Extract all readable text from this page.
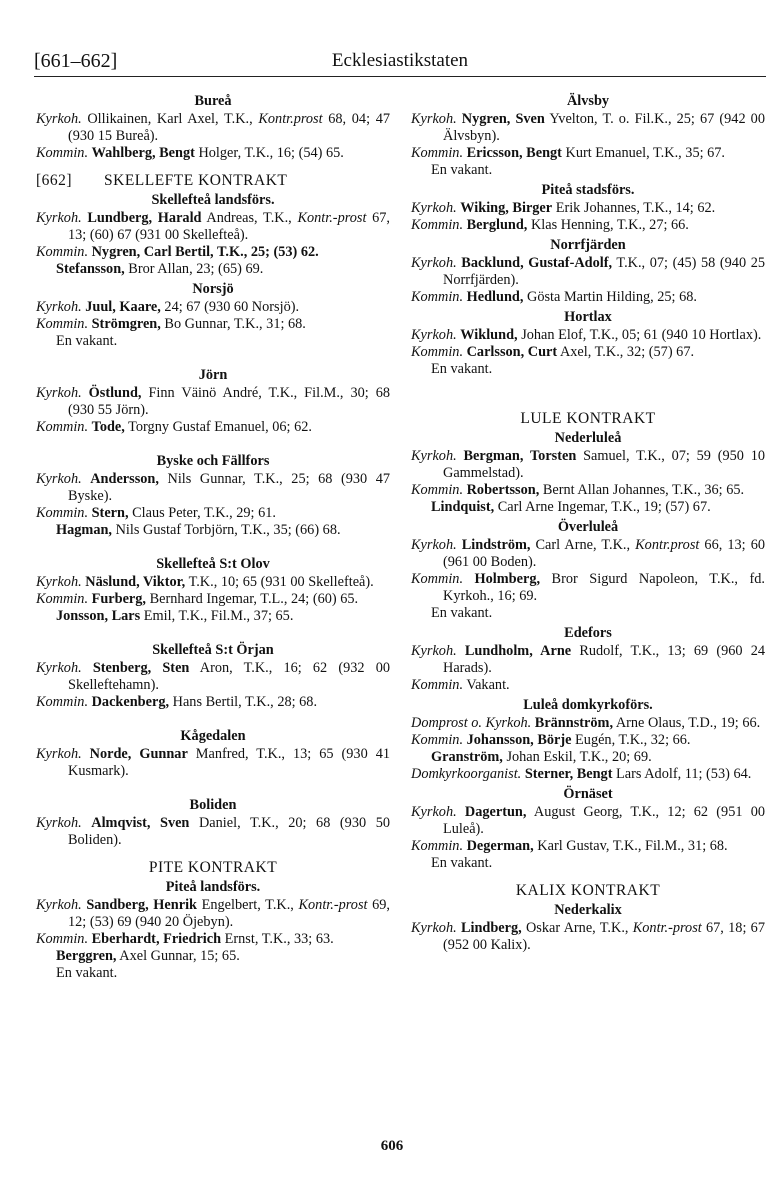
[661–662]	Ecklesiastikstaten
Bureå
Kyrkoh. Ollikainen, Karl Axel, T.K., Kontr.prost 68, 04; 47 (930 15 Bureå).
Kommin. Wahlberg, Bengt Holger, T.K., 16; (54) 65.
[662] SKELLEFTE KONTRAKT
Skellefteå landsförs.
Kyrkoh. Lundberg, Harald Andreas, T.K., Kontr.-prost 67, 13; (60) 67 (931 00 Skellefteå).
Kommin. Nygren, Carl Bertil, T.K., 25; (53) 62.
Stefansson, Bror Allan, 23; (65) 69.
Norsjö
Kyrkoh. Juul, Kaare, 24; 67 (930 60 Norsjö).
Kommin. Strömgren, Bo Gunnar, T.K., 31; 68.
En vakant.
Jörn
Kyrkoh. Östlund, Finn Väinö André, T.K., Fil.M., 30; 68 (930 55 Jörn).
Kommin. Tode, Torgny Gustaf Emanuel, 06; 62.
Byske och Fällfors
Kyrkoh. Andersson, Nils Gunnar, T.K., 25; 68 (930 47 Byske).
Kommin. Stern, Claus Peter, T.K., 29; 61.
Hagman, Nils Gustaf Torbjörn, T.K., 35; (66) 68.
Skellefteå S:t Olov
Kyrkoh. Näslund, Viktor, T.K., 10; 65 (931 00 Skellefteå).
Kommin. Furberg, Bernhard Ingemar, T.L., 24; (60) 65.
Jonsson, Lars Emil, T.K., Fil.M., 37; 65.
Skellefteå S:t Örjan
Kyrkoh. Stenberg, Sten Aron, T.K., 16; 62 (932 00 Skelleftehamn).
Kommin. Dackenberg, Hans Bertil, T.K., 28; 68.
Kågedalen
Kyrkoh. Norde, Gunnar Manfred, T.K., 13; 65 (930 41 Kusmark).
Boliden
Kyrkoh. Almqvist, Sven Daniel, T.K., 20; 68 (930 50 Boliden).
PITE KONTRAKT
Piteå landsförs.
Kyrkoh. Sandberg, Henrik Engelbert, T.K., Kontr.-prost 69, 12; (53) 69 (940 20 Öjebyn).
Kommin. Eberhardt, Friedrich Ernst, T.K., 33; 63.
Berggren, Axel Gunnar, 15; 65.
En vakant.
Älvsby
Kyrkoh. Nygren, Sven Yvelton, T. o. Fil.K., 25; 67 (942 00 Älvsbyn).
Kommin. Ericsson, Bengt Kurt Emanuel, T.K., 35; 67.
En vakant.
Piteå stadsförs.
Kyrkoh. Wiking, Birger Erik Johannes, T.K., 14; 62.
Kommin. Berglund, Klas Henning, T.K., 27; 66.
Norrfjärden
Kyrkoh. Backlund, Gustaf-Adolf, T.K., 07; (45) 58 (940 25 Norrfjärden).
Kommin. Hedlund, Gösta Martin Hilding, 25; 68.
Hortlax
Kyrkoh. Wiklund, Johan Elof, T.K., 05; 61 (940 10 Hortlax).
Kommin. Carlsson, Curt Axel, T.K., 32; (57) 67.
En vakant.
LULE KONTRAKT
Nederluleå
Kyrkoh. Bergman, Torsten Samuel, T.K., 07; 59 (950 10 Gammelstad).
Kommin. Robertsson, Bernt Allan Johannes, T.K., 36; 65.
Lindquist, Carl Arne Ingemar, T.K., 19; (57) 67.
Överluleå
Kyrkoh. Lindström, Carl Arne, T.K., Kontr.prost 66, 13; 60 (961 00 Boden).
Kommin. Holmberg, Bror Sigurd Napoleon, T.K., fd. Kyrkoh., 16; 69.
En vakant.
Edefors
Kyrkoh. Lundholm, Arne Rudolf, T.K., 13; 69 (960 24 Harads).
Kommin. Vakant.
Luleå domkyrkoförs.
Domprost o. Kyrkoh. Brännström, Arne Olaus, T.D., 19; 66.
Kommin. Johansson, Börje Eugén, T.K., 32; 66.
Granström, Johan Eskil, T.K., 20; 69.
Domkyrkoorganist. Sterner, Bengt Lars Adolf, 11; (53) 64.
Örnäset
Kyrkoh. Dagertun, August Georg, T.K., 12; 62 (951 00 Luleå).
Kommin. Degerman, Karl Gustav, T.K., Fil.M., 31; 68.
En vakant.
KALIX KONTRAKT
Nederkalix
Kyrkoh. Lindberg, Oskar Arne, T.K., Kontr.-prost 67, 18; 67 (952 00 Kalix).
606
